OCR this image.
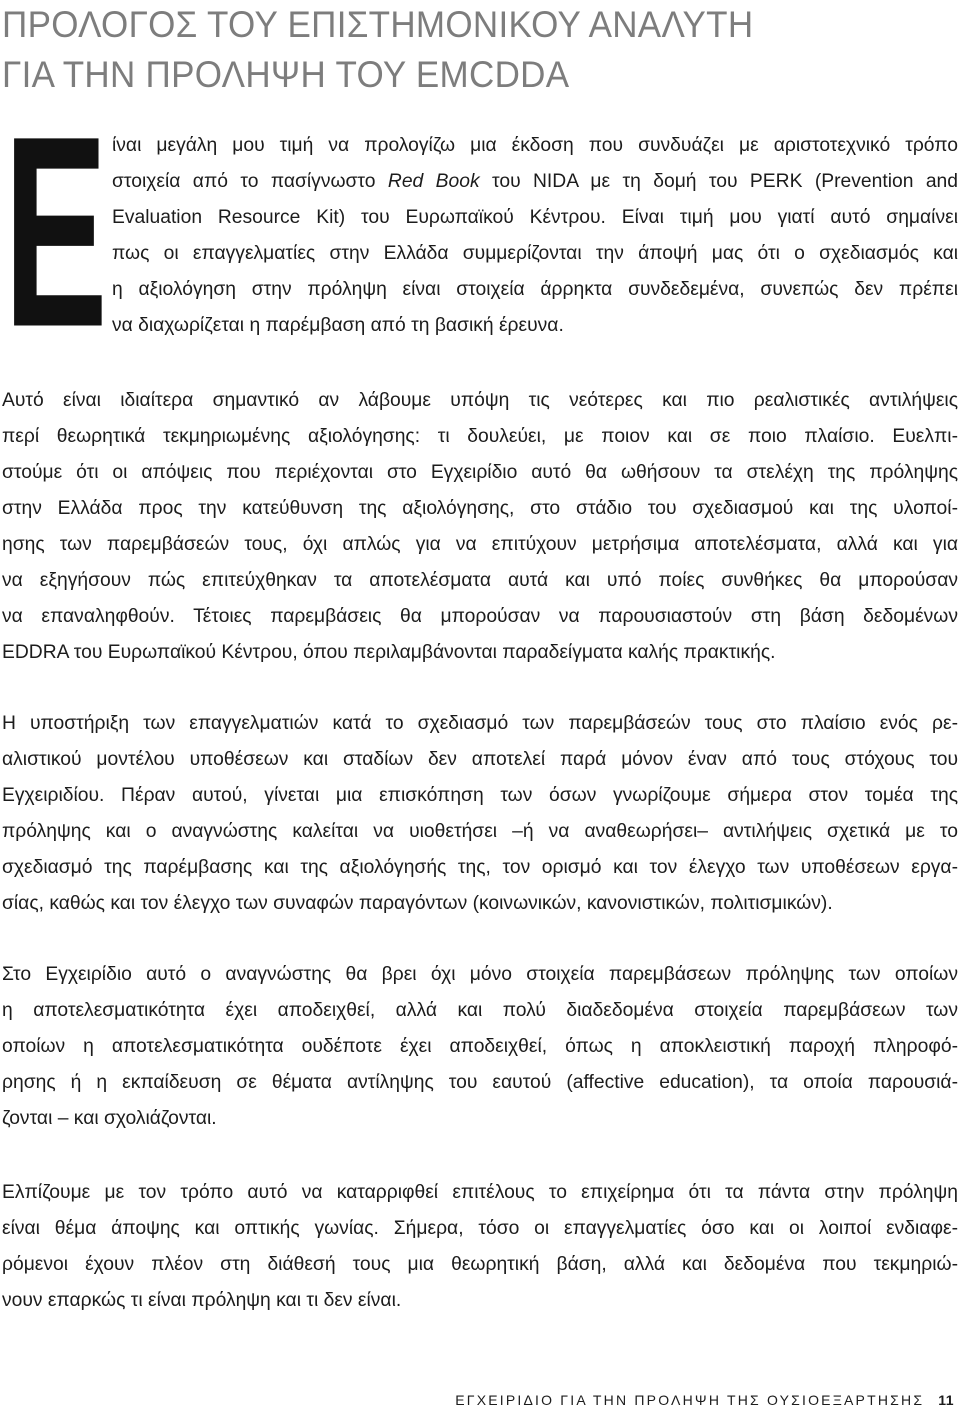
ΠΡΟΛΟΓΟΣ ΤΟΥ ΕΠΙΣΤΗΜΟΝΙΚΟΥ ΑΝΑΛΥΤΗ
ΓΙΑ ΤΗΝ ΠΡΟΛΗΨΗ ΤΟΥ EMCDDA
Ε ίναι μεγάλη μου τιμή να προλογίζω μια έκδοση που συνδυάζει με αριστοτεχνικό τρόπο
στοιχεία από το πασίγνωστο Red Book του NIDA με τη δομή του PERK (Prevention and
Evaluation Resource Kit) του Ευρωπαϊκού Κέντρου. Είναι τιμή μου γιατί αυτό σημαίνει
πως οι επαγγελματίες στην Ελλάδα συμμερίζονται την άποψή μας ότι ο σχεδιασμός και
η αξιολόγηση στην πρόληψη είναι στοιχεία άρρηκτα συνδεδεμένα, συνεπώς δεν πρέπει
να διαχωρίζεται η παρέμβαση από τη βασική έρευνα.
Αυτό είναι ιδιαίτερα σημαντικό αν λάβουμε υπόψη τις νεότερες και πιο ρεαλιστικές αντιλήψεις
περί θεωρητικά τεκμηριωμένης αξιολόγησης: τι δουλεύει, με ποιον και σε ποιο πλαίσιο. Ευελπι-
στούμε ότι οι απόψεις που περιέχονται στο Εγχειρίδιο αυτό θα ωθήσουν τα στελέχη της πρόληψης
στην Ελλάδα προς την κατεύθυνση της αξιολόγησης, στο στάδιο του σχεδιασμού και της υλοποί-
ησης των παρεμβάσεών τους, όχι απλώς για να επιτύχουν μετρήσιμα αποτελέσματα, αλλά και για
να εξηγήσουν πώς επιτεύχθηκαν τα αποτελέσματα αυτά και υπό ποίες συνθήκες θα μπορούσαν
να επαναληφθούν. Τέτοιες παρεμβάσεις θα μπορούσαν να παρουσιαστούν στη βάση δεδομένων
EDDRA του Ευρωπαϊκού Κέντρου, όπου περιλαμβάνονται παραδείγματα καλής πρακτικής.
Η υποστήριξη των επαγγελματιών κατά το σχεδιασμό των παρεμβάσεών τους στο πλαίσιο ενός ρε-
αλιστικού μοντέλου υποθέσεων και σταδίων δεν αποτελεί παρά μόνον έναν από τους στόχους του
Εγχειριδίου. Πέραν αυτού, γίνεται μια επισκόπηση των όσων γνωρίζουμε σήμερα στον τομέα της
πρόληψης και ο αναγνώστης καλείται να υιοθετήσει –ή να αναθεωρήσει– αντιλήψεις σχετικά με το
σχεδιασμό της παρέμβασης και της αξιολόγησής της, τον ορισμό και τον έλεγχο των υποθέσεων εργα-
σίας, καθώς και τον έλεγχο των συναφών παραγόντων (κοινωνικών, κανονιστικών, πολιτισμικών).
Στο Εγχειρίδιο αυτό ο αναγνώστης θα βρει όχι μόνο στοιχεία παρεμβάσεων πρόληψης των οποίων
η αποτελεσματικότητα έχει αποδειχθεί, αλλά και πολύ διαδεδομένα στοιχεία παρεμβάσεων των
οποίων η αποτελεσματικότητα ουδέποτε έχει αποδειχθεί, όπως η αποκλειστική παροχή πληροφό-
ρησης ή η εκπαίδευση σε θέματα αντίληψης του εαυτού (affective education), τα οποία παρουσιά-
ζονται – και σχολιάζονται.
Ελπίζουμε με τον τρόπο αυτό να καταρριφθεί επιτέλους το επιχείρημα ότι τα πάντα στην πρόληψη
είναι θέμα άποψης και οπτικής γωνίας. Σήμερα, τόσο οι επαγγελματίες όσο και οι λοιποί ενδιαφε-
ρόμενοι έχουν πλέον στη διάθεσή τους μια θεωρητική βάση, αλλά και δεδομένα που τεκμηριώ-
νουν επαρκώς τι είναι πρόληψη και τι δεν είναι.
ΕΓΧΕΙΡΙΔΙΟ ΓΙΑ ΤΗΝ ΠΡΟΛΗΨΗ ΤΗΣ ΟΥΣΙΟΕΞΑΡΤΗΣΗΣ 11
